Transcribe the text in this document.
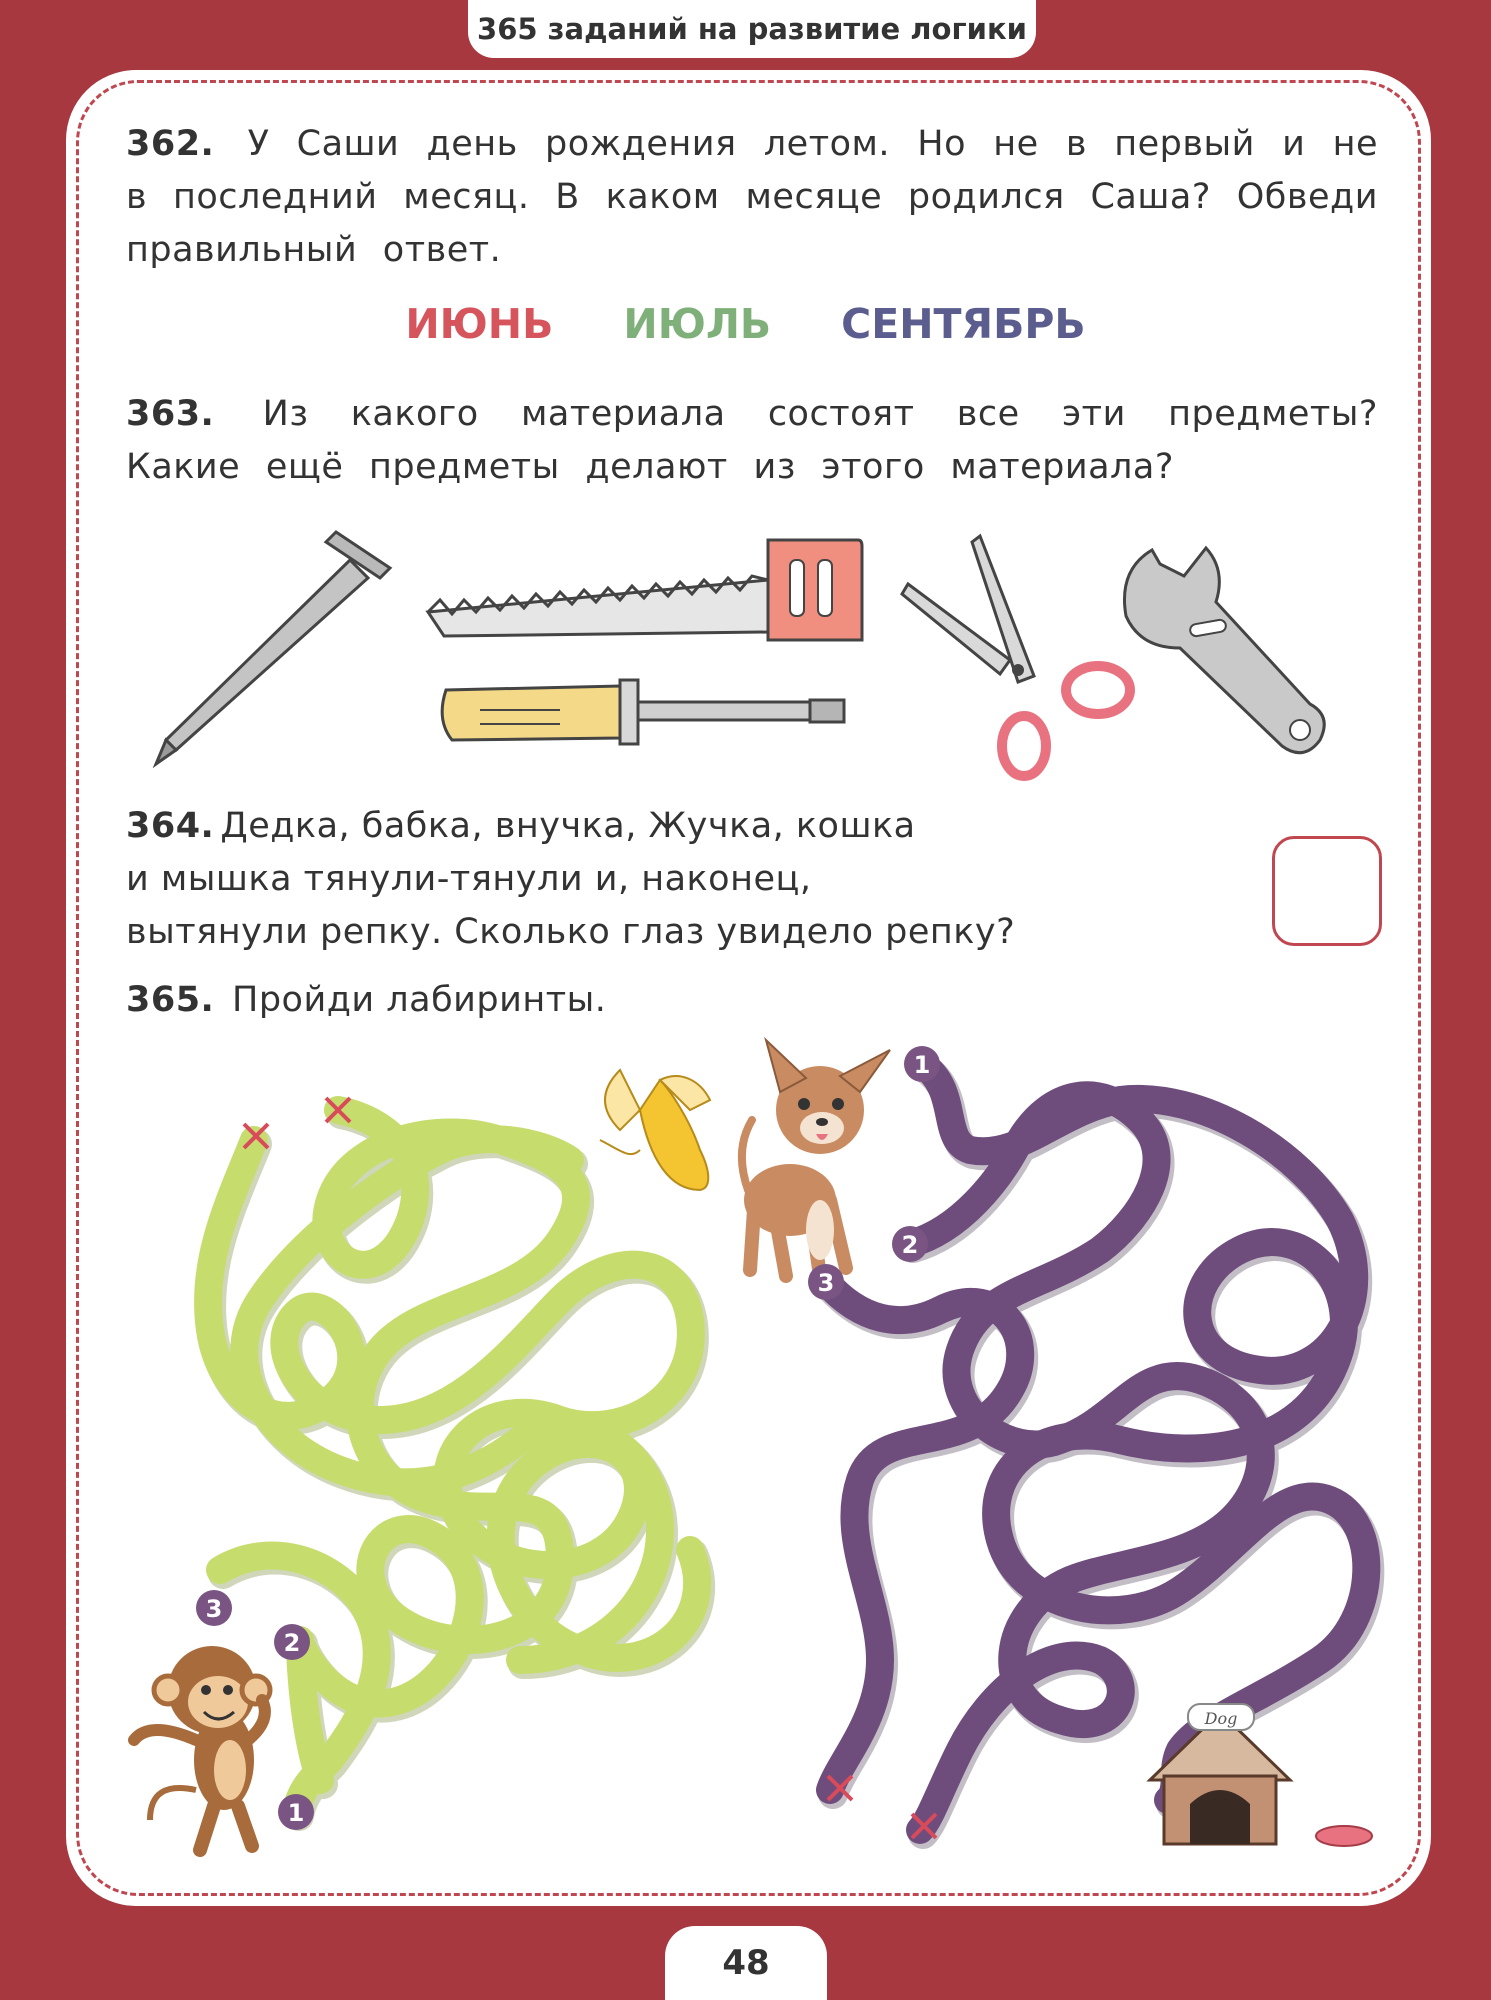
365 заданий на развитие логики
362. У Саши день рождения летом. Но не в первый и не в последний месяц. В каком месяце родился Саша? Обведи правильный ответ.
ИЮНЬ ИЮЛЬ СЕНТЯБРЬ
363. Из какого материала состоят все эти предметы? Какие ещё предметы делают из этого материала?
364. Дедка, бабка, внучка, Жучка, кошка
и мышка тянули-тянули и, наконец,
вытянули репку. Сколько глаз увидело репку?
365. Пройди лабиринты.
3
2
1
1
2
3
Dog
48
